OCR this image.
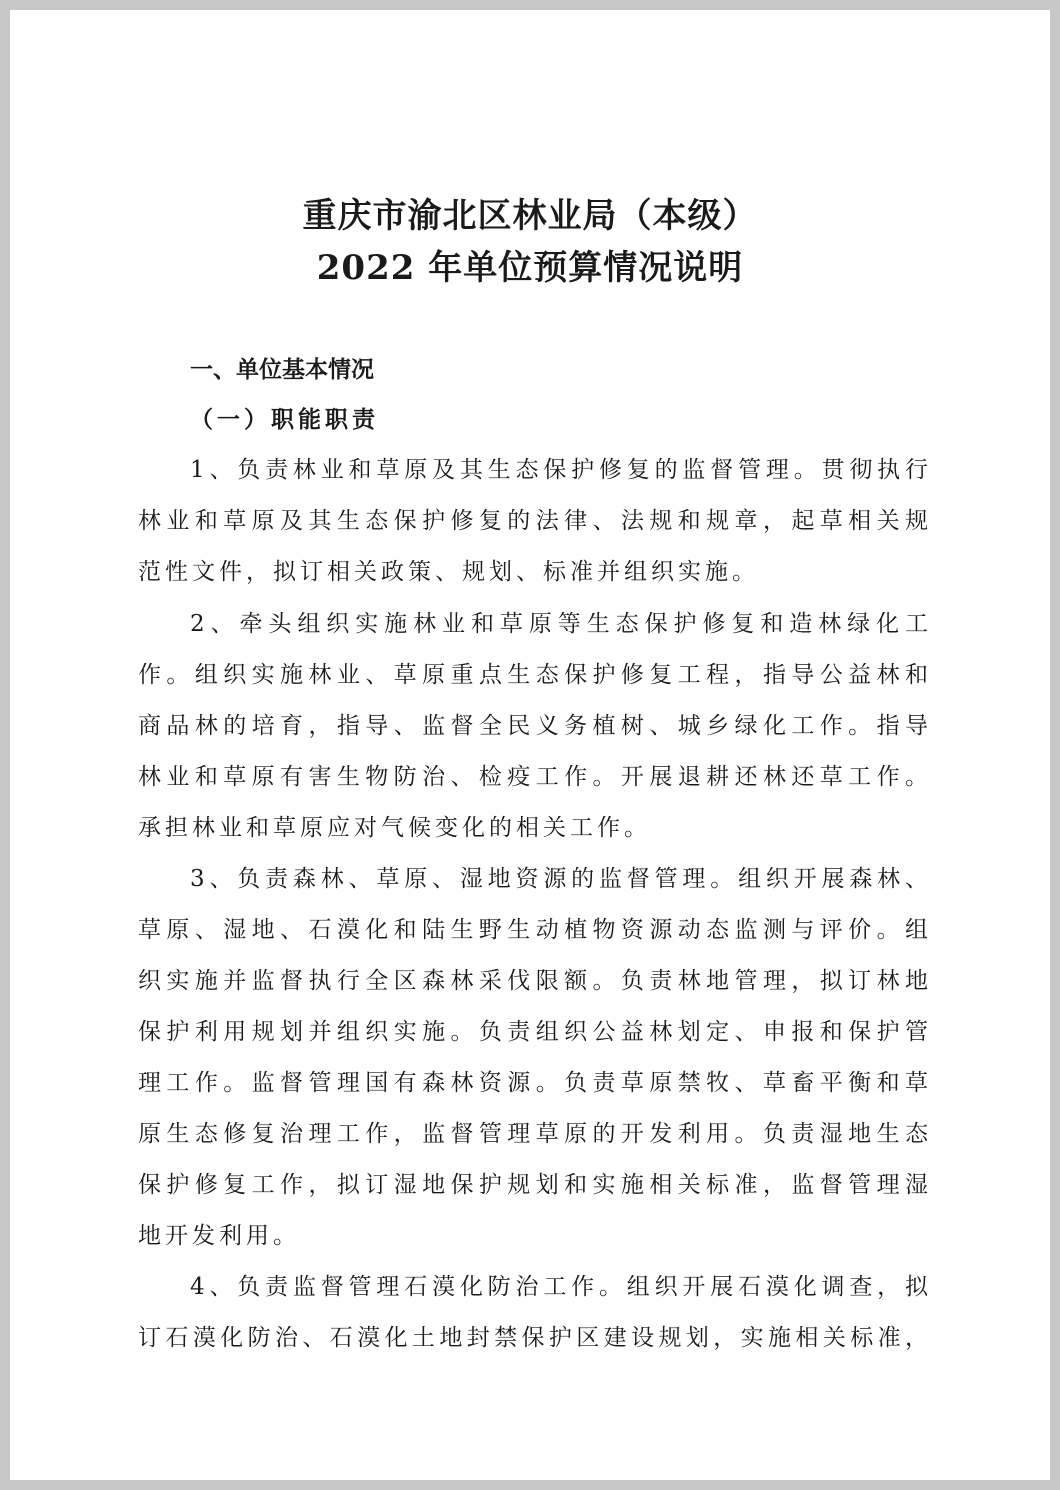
重庆市渝北区林业局（本级）
2022 年单位预算情况说明
一、单位基本情况
（一）职能职责

1、负责林业和草原及其生态保护修复的监督管理。贯彻执行

林业和草原及其生态保护修复的法律、法规和规章，起草相关规

范性文件，拟订相关政策、规划、标准并组织实施。

2、牵头组织实施林业和草原等生态保护修复和造林绿化工

作。组织实施林业、草原重点生态保护修复工程，指导公益林和

商品林的培育，指导、监督全民义务植树、城乡绿化工作。指导

林业和草原有害生物防治、检疫工作。开展退耕还林还草工作。

承担林业和草原应对气候变化的相关工作。

3、负责森林、草原、湿地资源的监督管理。组织开展森林、

草原、湿地、石漠化和陆生野生动植物资源动态监测与评价。组

织实施并监督执行全区森林采伐限额。负责林地管理，拟订林地

保护利用规划并组织实施。负责组织公益林划定、申报和保护管

理工作。监督管理国有森林资源。负责草原禁牧、草畜平衡和草

原生态修复治理工作，监督管理草原的开发利用。负责湿地生态

保护修复工作，拟订湿地保护规划和实施相关标准，监督管理湿

地开发利用。

4、负责监督管理石漠化防治工作。组织开展石漠化调查，拟

订石漠化防治、石漠化土地封禁保护区建设规划，实施相关标准，
